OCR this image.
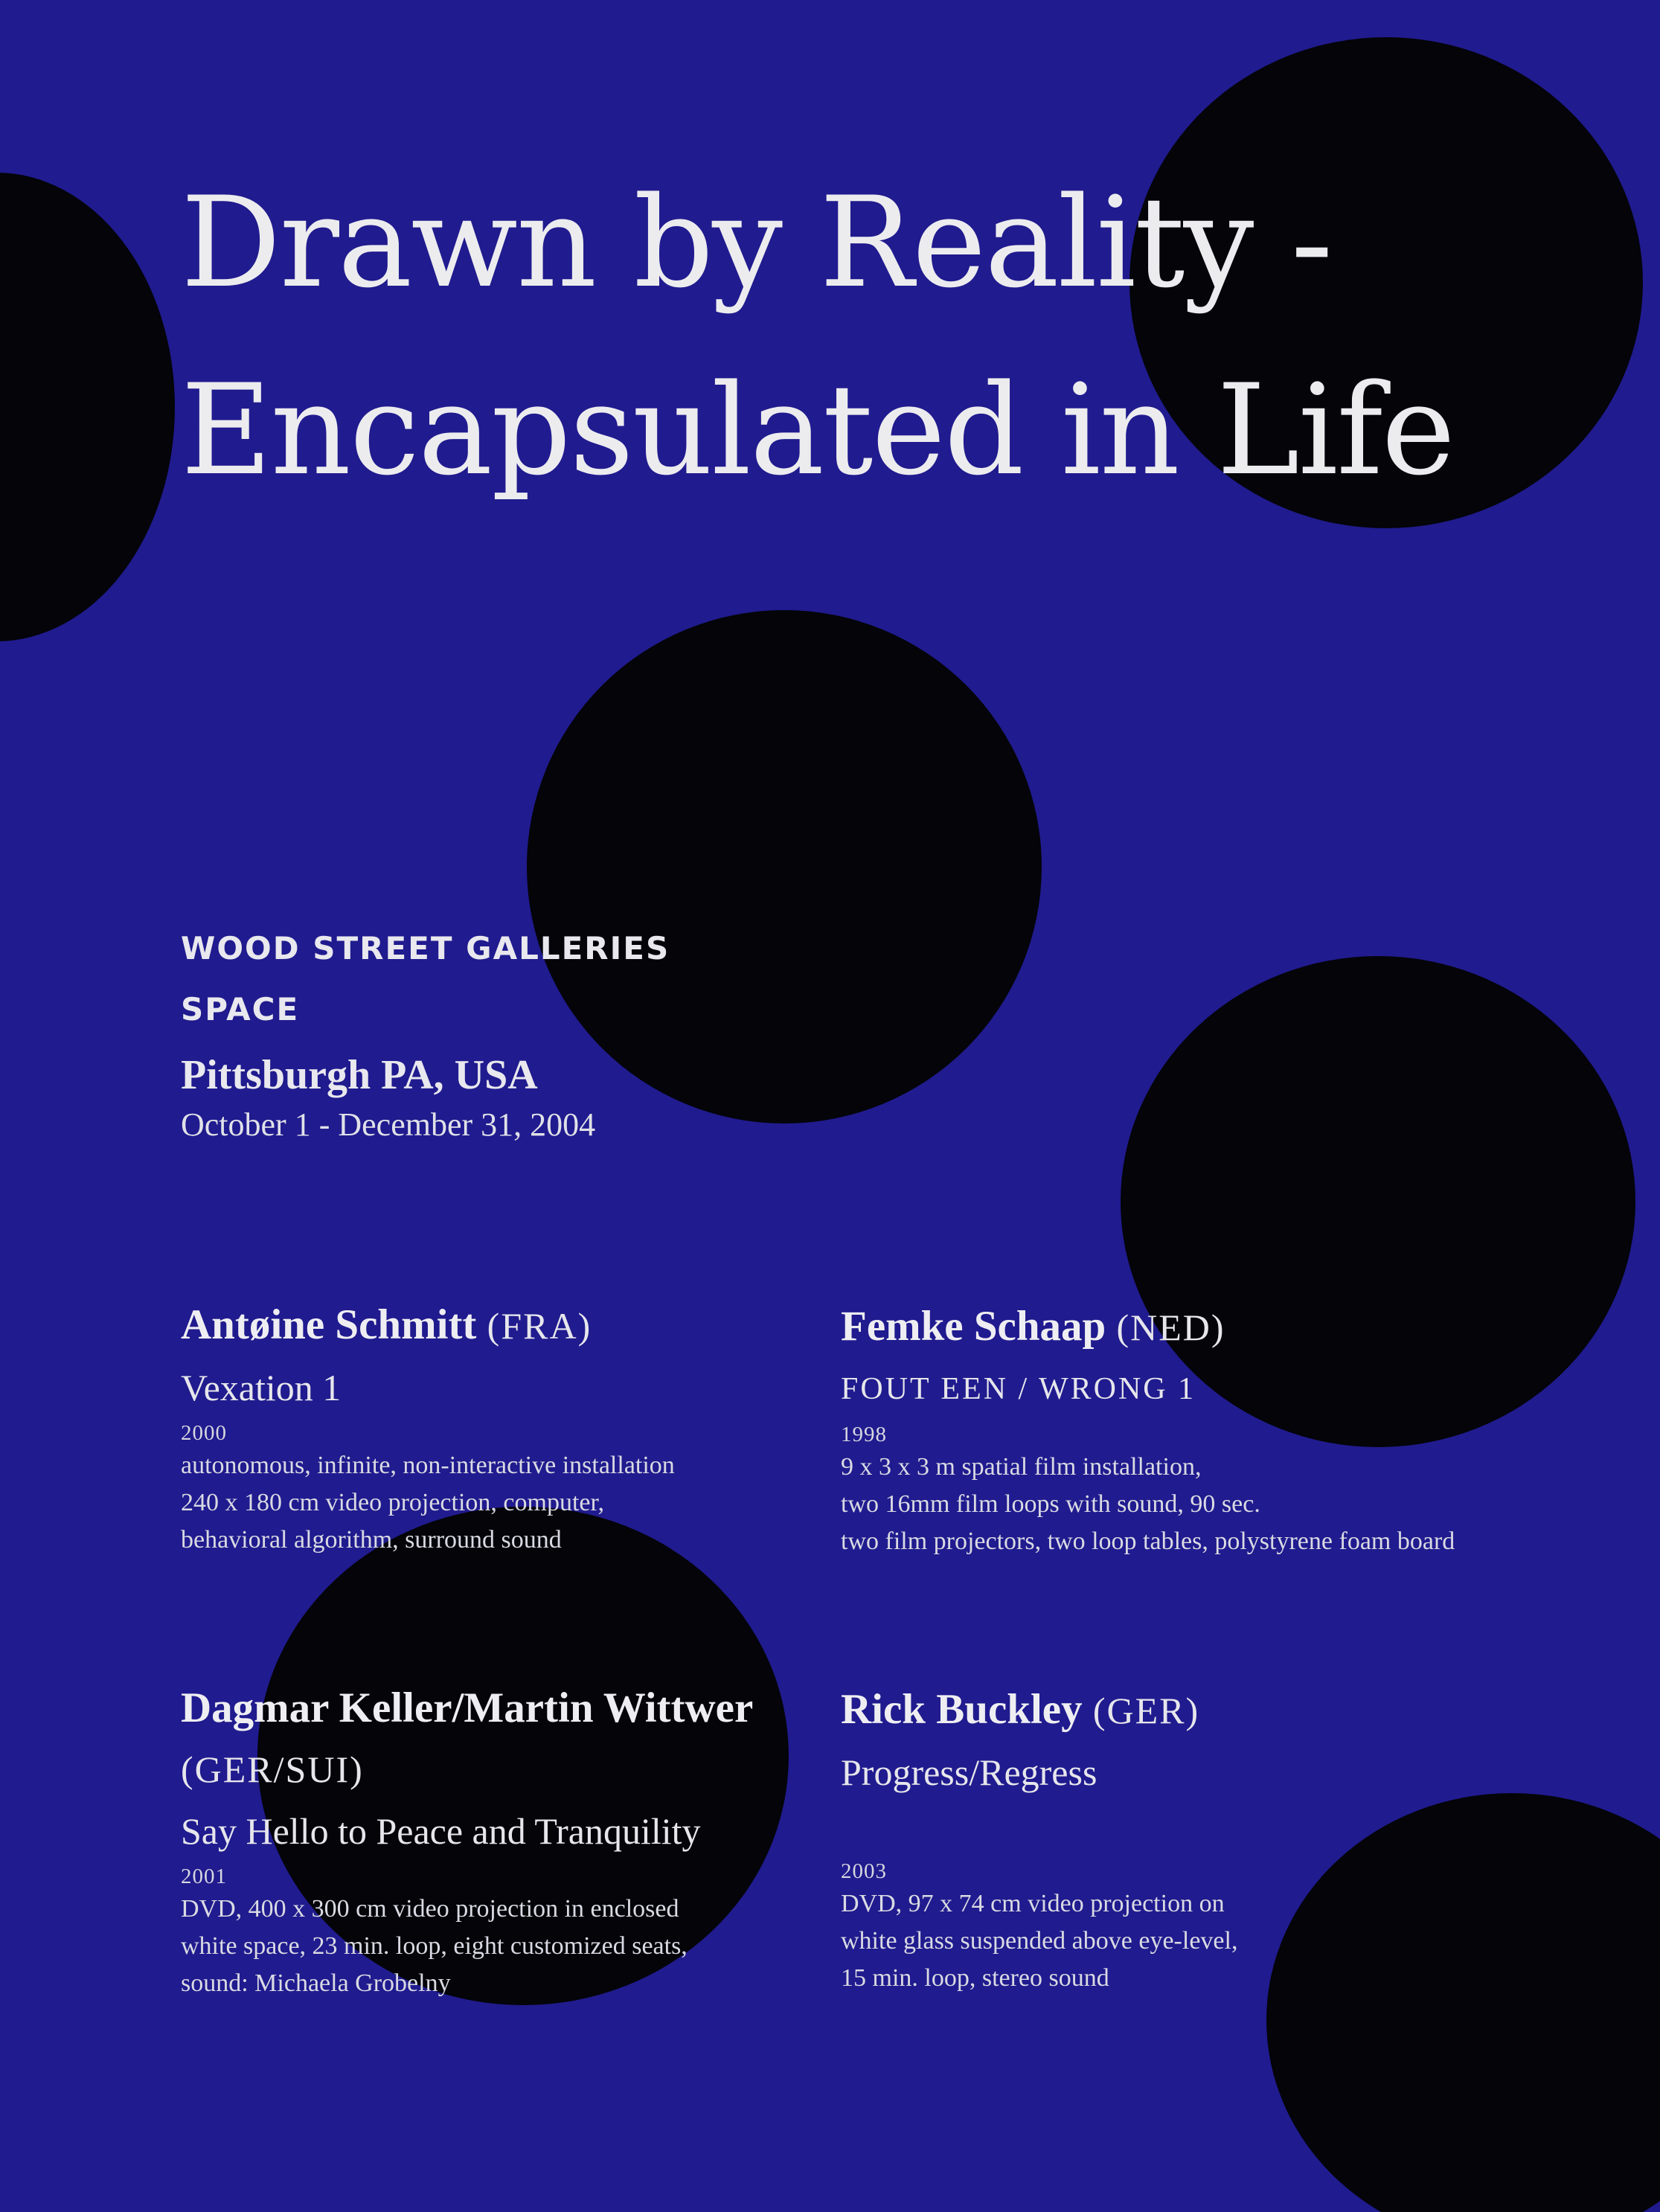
Drawn by Reality -
Encapsulated in Life
WOOD STREET GALLERIES
SPACE
Pittsburgh PA, USA
October 1 - December 31, 2004
Antøine Schmitt (FRA)
Vexation 1
2000
autonomous, infinite, non-interactive installation
240 x 180 cm video projection, computer,
behavioral algorithm, surround sound
Femke Schaap (NED)
FOUT EEN / WRONG 1
1998
9 x 3 x 3 m spatial film installation,
two 16mm film loops with sound, 90 sec.
two film projectors, two loop tables, polystyrene foam board
Dagmar Keller/Martin Wittwer
(GER/SUI)
Say Hello to Peace and Tranquility
2001
DVD, 400 x 300 cm video projection in enclosed
white space, 23 min. loop, eight customized seats,
sound: Michaela Grobelny
Rick Buckley (GER)
Progress/Regress
2003
DVD, 97 x 74 cm video projection on
white glass suspended above eye-level,
15 min. loop, stereo sound
